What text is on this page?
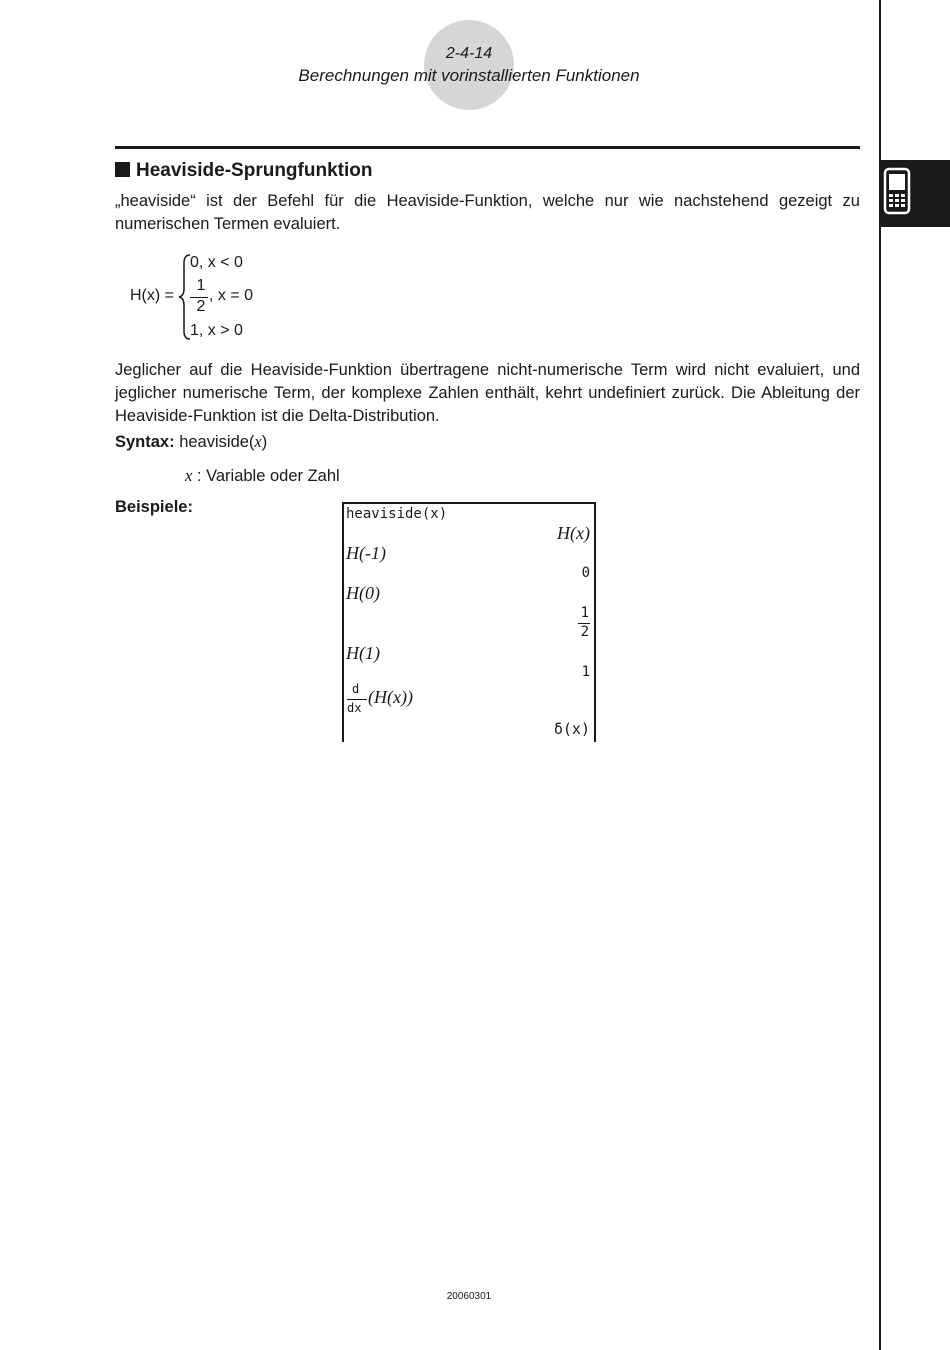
2-4-14
Berechnungen mit vorinstallierten Funktionen
Heaviside-Sprungfunktion
„heaviside“ ist der Befehl für die Heaviside-Funktion, welche nur wie nachstehend gezeigt zu numerischen Termen evaluiert.
H(x) =
0, x < 0
1
2
, x = 0
1, x > 0
Jeglicher auf die Heaviside-Funktion übertragene nicht-numerische Term wird nicht evaluiert, und jeglicher numerische Term, der komplexe Zahlen enthält, kehrt undefiniert zurück. Die Ableitung der Heaviside-Funktion ist die Delta-Distribution.
Syntax: heaviside(x)
x : Variable oder Zahl
Beispiele:	heaviside(x)
H(x)
H(-1)
0
H(0)
1
2
H(1)
1
d
dx
(H(x))
δ(x)
20060301
